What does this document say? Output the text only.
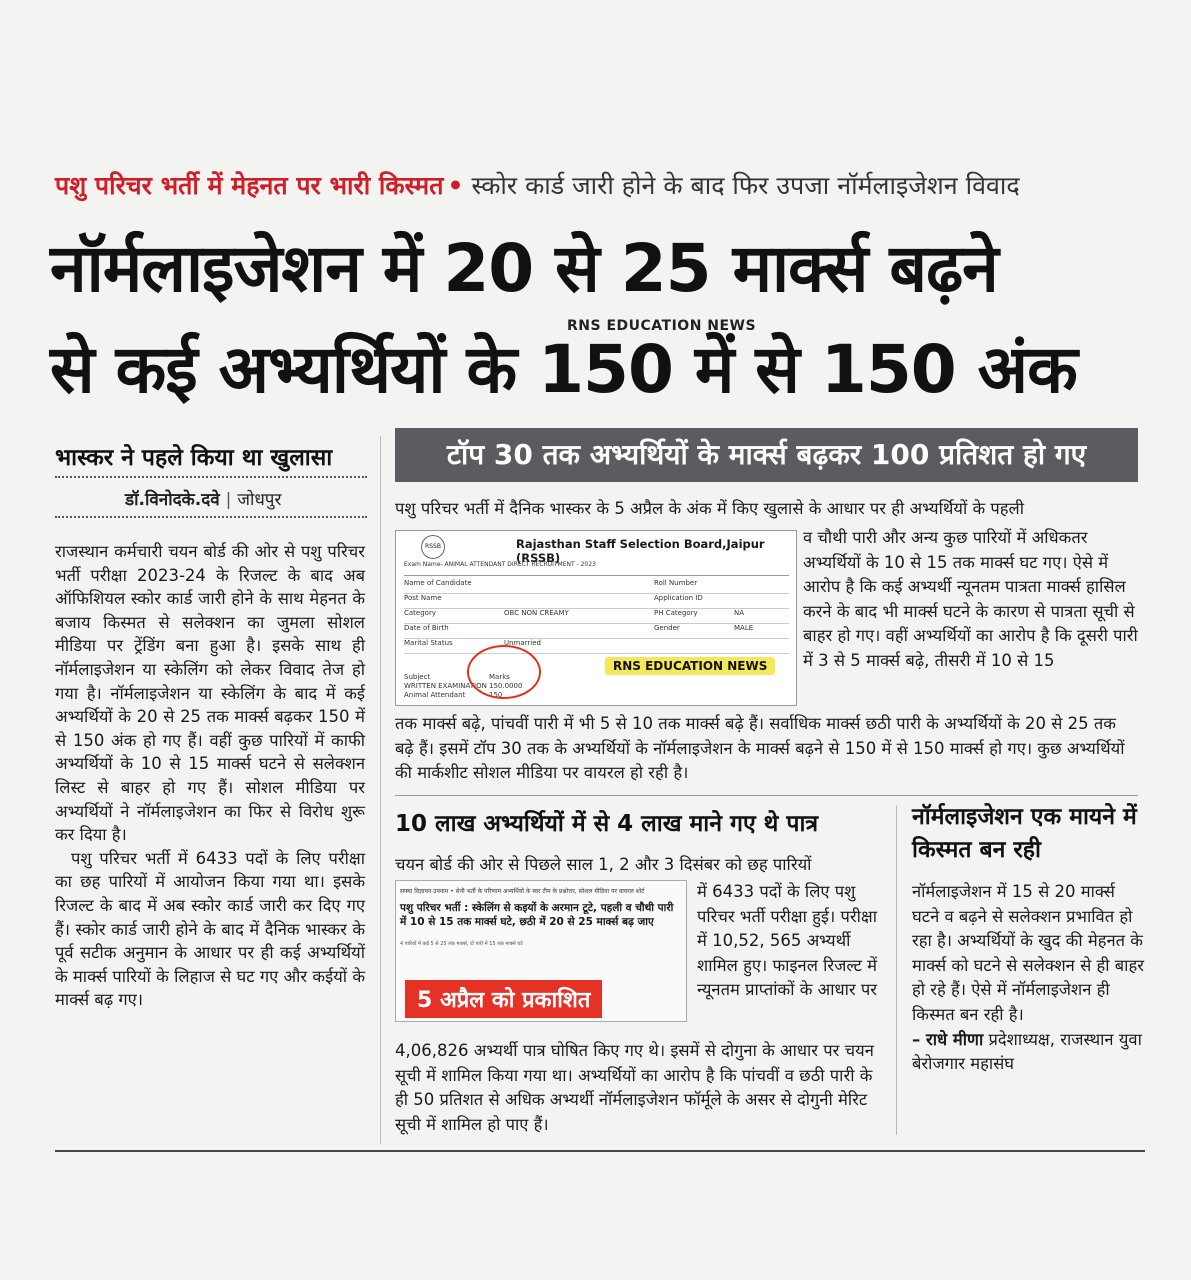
पशु परिचर भर्ती में मेहनत पर भारी किस्मत • स्कोर कार्ड जारी होने के बाद फिर उपजा नॉर्मलाइजेशन विवाद
नॉर्मलाइजेशन में 20 से 25 मार्क्स बढ़ने
RNS EDUCATION NEWS
से कई अभ्यर्थियों के 150 में से 150 अंक
भास्कर ने पहले किया था खुलासा
डॉ.विनोदके.दवे | जोधपुर

राजस्थान कर्मचारी चयन बोर्ड की ओर से पशु परिचर भर्ती परीक्षा 2023-24 के रिजल्ट के बाद अब ऑफिशियल स्कोर कार्ड जारी होने के साथ मेहनत के बजाय किस्मत से सलेक्शन का जुमला सोशल मीडिया पर ट्रेंडिंग बना हुआ है। इसके साथ ही नॉर्मलाइजेशन या स्केलिंग को लेकर विवाद तेज हो गया है। नॉर्मलाइजेशन या स्केलिंग के बाद में कई अभ्यर्थियों के 20 से 25 तक मार्क्स बढ़कर 150 में से 150 अंक हो गए हैं। वहीं कुछ पारियों में काफी अभ्यर्थियों के 10 से 15 मार्क्स घटने से सलेक्शन लिस्ट से बाहर हो गए हैं। सोशल मीडिया पर अभ्यर्थियों ने नॉर्मलाइजेशन का फिर से विरोध शुरू कर दिया है।

पशु परिचर भर्ती में 6433 पदों के लिए परीक्षा का छह पारियों में आयोजन किया गया था। इसके रिजल्ट के बाद में अब स्कोर कार्ड जारी कर दिए गए हैं। स्कोर कार्ड जारी होने के बाद में दैनिक भास्कर के पूर्व सटीक अनुमान के आधार पर ही कई अभ्यर्थियों के मार्क्स पारियों के लिहाज से घट गए और कईयों के मार्क्स बढ़ गए।

टॉप 30 तक अभ्यर्थियों के मार्क्स बढ़कर 100 प्रतिशत हो गए
पशु परिचर भर्ती में दैनिक भास्कर के 5 अप्रैल के अंक में किए खुलासे के आधार पर ही अभ्यर्थियों के पहली
RSSB	Rajasthan Staff Selection Board,Jaipur (RSSB)
Exam Name- ANIMAL ATTENDANT DIRECT RECRUITMENT - 2023
Name of Candidate	Roll Number
Post Name	Application ID
Category	OBC NON CREAMY	PH Category	NA
Date of Birth	Gender	MALE
Marital Status	Unmarried
Subject	Marks
WRITTEN EXAMINATION 150.0000
Animal Attendant	150
RNS EDUCATION NEWS
व चौथी पारी और अन्य कुछ पारियों में अधिकतर अभ्यर्थियों के 10 से 15 तक मार्क्स घट गए। ऐसे में आरोप है कि कई अभ्यर्थी न्यूनतम पात्रता मार्क्स हासिल करने के बाद भी मार्क्स घटने के कारण से पात्रता सूची से बाहर हो गए। वहीं अभ्यर्थियों का आरोप है कि दूसरी पारी में 3 से 5 मार्क्स बढ़े, तीसरी में 10 से 15
तक मार्क्स बढ़े, पांचवीं पारी में भी 5 से 10 तक मार्क्स बढ़े हैं। सर्वाधिक मार्क्स छठी पारी के अभ्यर्थियों के 20 से 25 तक बढ़े हैं। इसमें टॉप 30 तक के अभ्यर्थियों के नॉर्मलाइजेशन के मार्क्स बढ़ने से 150 में से 150 मार्क्स हो गए। कुछ अभ्यर्थियों की मार्कशीट सोशल मीडिया पर वायरल हो रही है।
10 लाख अभ्यर्थियों में से 4 लाख माने गए थे पात्र
चयन बोर्ड की ओर से पिछले साल 1, 2 और 3 दिसंबर को छह पारियों
सफ्या विज्ञापन उपनाम • सेनी भर्ती के परिणाम अभ्यर्थियों के स्वर टीम के प्रश्नोत्तर, सोशल मीडिया पर वायरल शोर्ट
पशु परिचर भर्ती : स्केलिंग से कइयों के अरमान टूटे, पहली व चौथी पारी में 10 से 15 तक मार्क्स घटे, छठी में 20 से 25 मार्क्स बढ़ जाए
4 पारियों में कई 5 से 25 तक मार्क्स, दो पारी में 15 तक मार्क्स घटे
5 अप्रैल को प्रकाशित
में 6433 पदों के लिए पशु परिचर भर्ती परीक्षा हुई। परीक्षा में 10,52, 565 अभ्यर्थी शामिल हुए। फाइनल रिजल्ट में न्यूनतम प्राप्तांकों के आधार पर
4,06,826 अभ्यर्थी पात्र घोषित किए गए थे। इसमें से दोगुना के आधार पर चयन सूची में शामिल किया गया था। अभ्यर्थियों का आरोप है कि पांचवीं व छठी पारी के ही 50 प्रतिशत से अधिक अभ्यर्थी नॉर्मलाइजेशन फॉर्मूले के असर से दोगुनी मेरिट सूची में शामिल हो पाए हैं।
नॉर्मलाइजेशन एक मायने में किस्मत बन रही
नॉर्मलाइजेशन में 15 से 20 मार्क्स घटने व बढ़ने से सलेक्शन प्रभावित हो रहा है। अभ्यर्थियों के खुद की मेहनत के मार्क्स को घटने से सलेक्शन से ही बाहर हो रहे हैं। ऐसे में नॉर्मलाइजेशन ही किस्मत बन रही है।
– राधे मीणा प्रदेशाध्यक्ष, राजस्थान युवा बेरोजगार महासंघ
